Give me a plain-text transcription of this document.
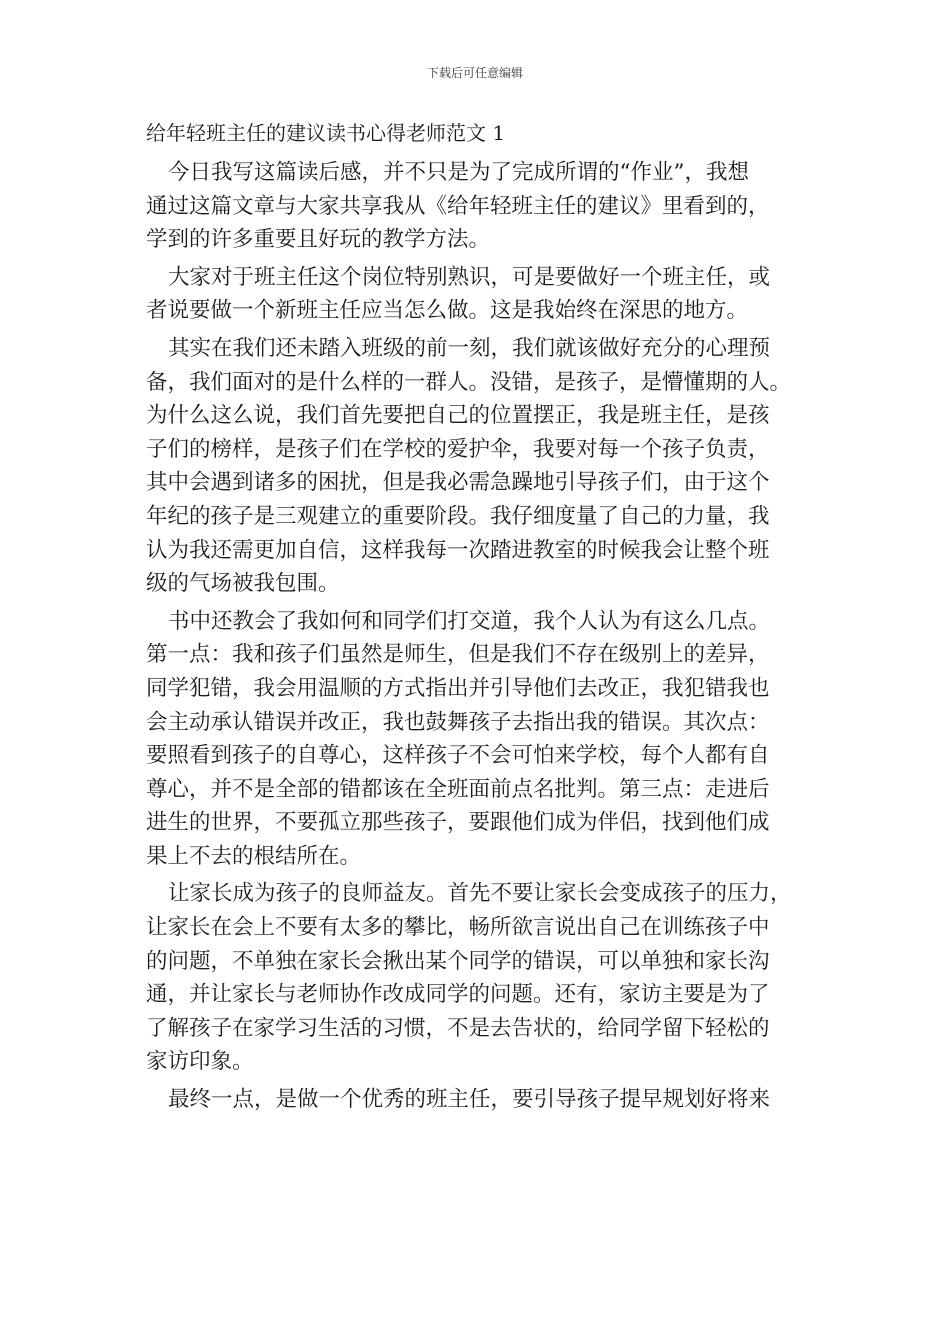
下载后可任意编辑
给年轻班主任的建议读书心得老师范文 1
今日我写这篇读后感，并不只是为了完成所谓的“作业”，我想
通过这篇文章与大家共享我从《给年轻班主任的建议》里看到的，
学到的许多重要且好玩的教学方法。
大家对于班主任这个岗位特别熟识，可是要做好一个班主任，或
者说要做一个新班主任应当怎么做。这是我始终在深思的地方。
其实在我们还未踏入班级的前一刻，我们就该做好充分的心理预
备，我们面对的是什么样的一群人。没错，是孩子，是懵懂期的人。
为什么这么说，我们首先要把自己的位置摆正，我是班主任，是孩
子们的榜样，是孩子们在学校的爱护伞，我要对每一个孩子负责，
其中会遇到诸多的困扰，但是我必需急躁地引导孩子们，由于这个
年纪的孩子是三观建立的重要阶段。我仔细度量了自己的力量，我
认为我还需更加自信，这样我每一次踏进教室的时候我会让整个班
级的气场被我包围。
书中还教会了我如何和同学们打交道，我个人认为有这么几点。
第一点：我和孩子们虽然是师生，但是我们不存在级别上的差异，
同学犯错，我会用温顺的方式指出并引导他们去改正，我犯错我也
会主动承认错误并改正，我也鼓舞孩子去指出我的错误。其次点：
要照看到孩子的自尊心，这样孩子不会可怕来学校，每个人都有自
尊心，并不是全部的错都该在全班面前点名批判。第三点：走进后
进生的世界，不要孤立那些孩子，要跟他们成为伴侣，找到他们成
果上不去的根结所在。
让家长成为孩子的良师益友。首先不要让家长会变成孩子的压力，
让家长在会上不要有太多的攀比，畅所欲言说出自己在训练孩子中
的问题，不单独在家长会揪出某个同学的错误，可以单独和家长沟
通，并让家长与老师协作改成同学的问题。还有，家访主要是为了
了解孩子在家学习生活的习惯，不是去告状的，给同学留下轻松的
家访印象。
最终一点，是做一个优秀的班主任，要引导孩子提早规划好将来
